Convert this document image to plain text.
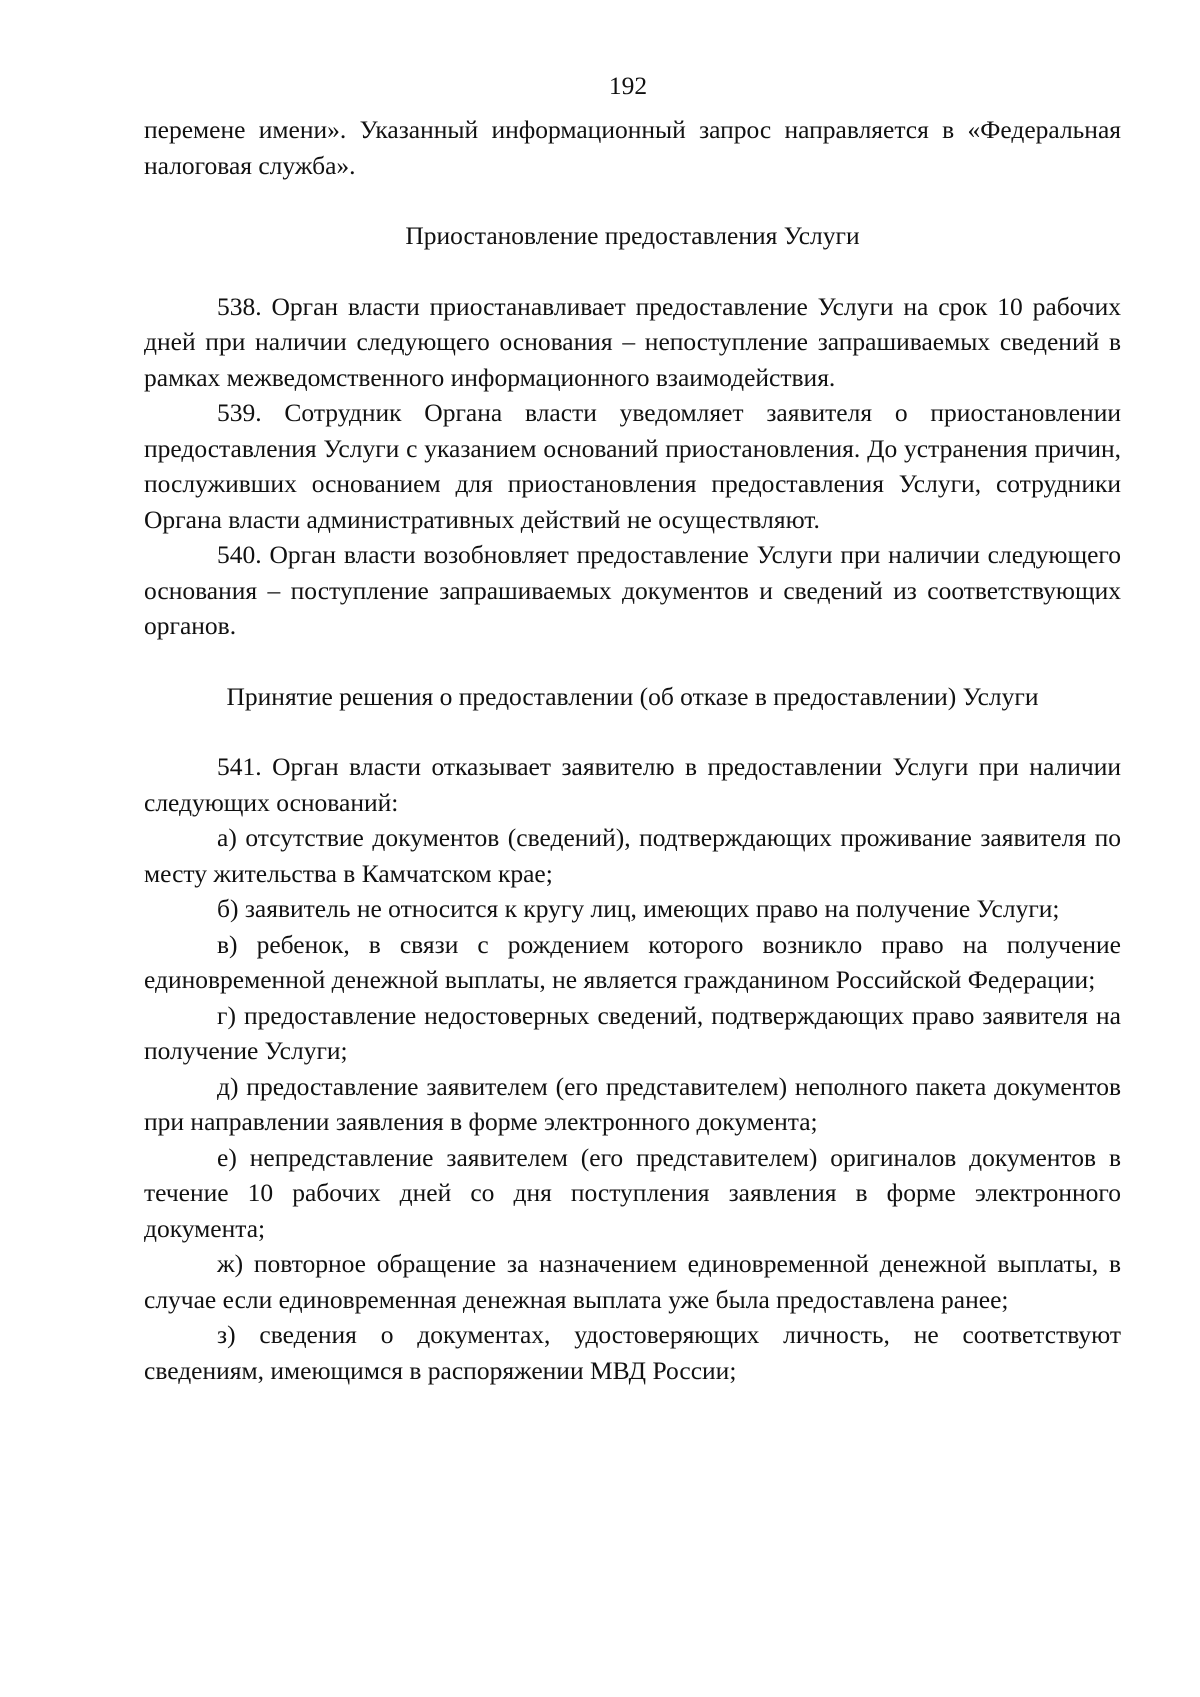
192

перемене имени». Указанный информационный запрос направляется в «Федеральная налоговая служба».

Приостановление предоставления Услуги

538. Орган власти приостанавливает предоставление Услуги на срок 10 рабочих дней при наличии следующего основания – непоступление запрашиваемых сведений в рамках межведомственного информационного взаимодействия.

539. Сотрудник Органа власти уведомляет заявителя о приостановлении предоставления Услуги с указанием оснований приостановления. До устранения причин, послуживших основанием для приостановления предоставления Услуги, сотрудники Органа власти административных действий не осуществляют.

540. Орган власти возобновляет предоставление Услуги при наличии следующего основания – поступление запрашиваемых документов и сведений из соответствующих органов.

Принятие решения о предоставлении (об отказе в предоставлении) Услуги

541. Орган власти отказывает заявителю в предоставлении Услуги при наличии следующих оснований:

а) отсутствие документов (сведений), подтверждающих проживание заявителя по месту жительства в Камчатском крае;

б) заявитель не относится к кругу лиц, имеющих право на получение Услуги;

в) ребенок, в связи с рождением которого возникло право на получение единовременной денежной выплаты, не является гражданином Российской Федерации;

г) предоставление недостоверных сведений, подтверждающих право заявителя на получение Услуги;

д) предоставление заявителем (его представителем) неполного пакета документов при направлении заявления в форме электронного документа;

е) непредставление заявителем (его представителем) оригиналов документов в течение 10 рабочих дней со дня поступления заявления в форме электронного документа;

ж) повторное обращение за назначением единовременной денежной выплаты, в случае если единовременная денежная выплата уже была предоставлена ранее;

з) сведения о документах, удостоверяющих личность, не соответствуют сведениям, имеющимся в распоряжении МВД России;
